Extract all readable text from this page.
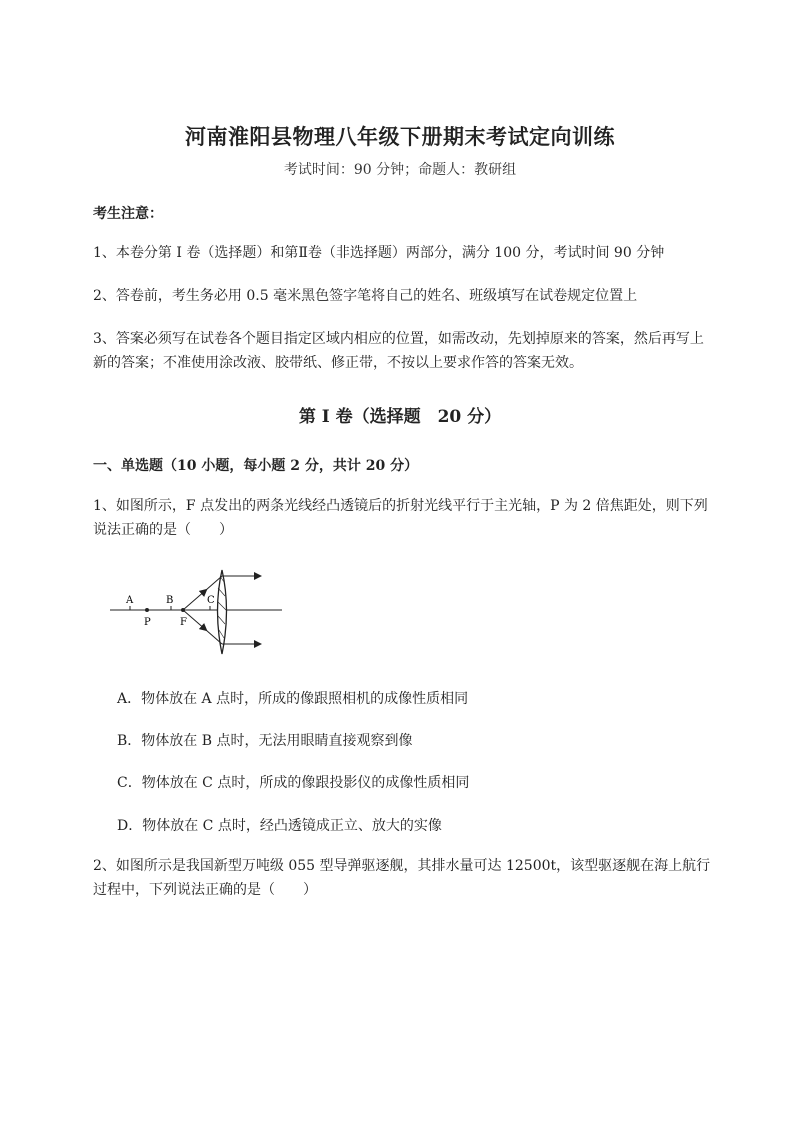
河南淮阳县物理八年级下册期末考试定向训练
考试时间：90 分钟；命题人：教研组
考生注意：
1、本卷分第 I 卷（选择题）和第Ⅱ卷（非选择题）两部分，满分 100 分，考试时间 90 分钟
2、答卷前，考生务必用 0.5 毫米黑色签字笔将自己的姓名、班级填写在试卷规定位置上
3、答案必须写在试卷各个题目指定区域内相应的位置，如需改动，先划掉原来的答案，然后再写上新的答案；不准使用涂改液、胶带纸、修正带，不按以上要求作答的答案无效。
第 I 卷（选择题　20 分）
一、单选题（10 小题，每小题 2 分，共计 20 分）
1、如图所示，F 点发出的两条光线经凸透镜后的折射光线平行于主光轴，P 为 2 倍焦距处，则下列说法正确的是（　　）
A	B	C
P	F
A．物体放在 A 点时，所成的像跟照相机的成像性质相同
B．物体放在 B 点时，无法用眼睛直接观察到像
C．物体放在 C 点时，所成的像跟投影仪的成像性质相同
D．物体放在 C 点时，经凸透镜成正立、放大的实像
2、如图所示是我国新型万吨级 055 型导弹驱逐舰，其排水量可达 12500t，该型驱逐舰在海上航行过程中，下列说法正确的是（　　）
